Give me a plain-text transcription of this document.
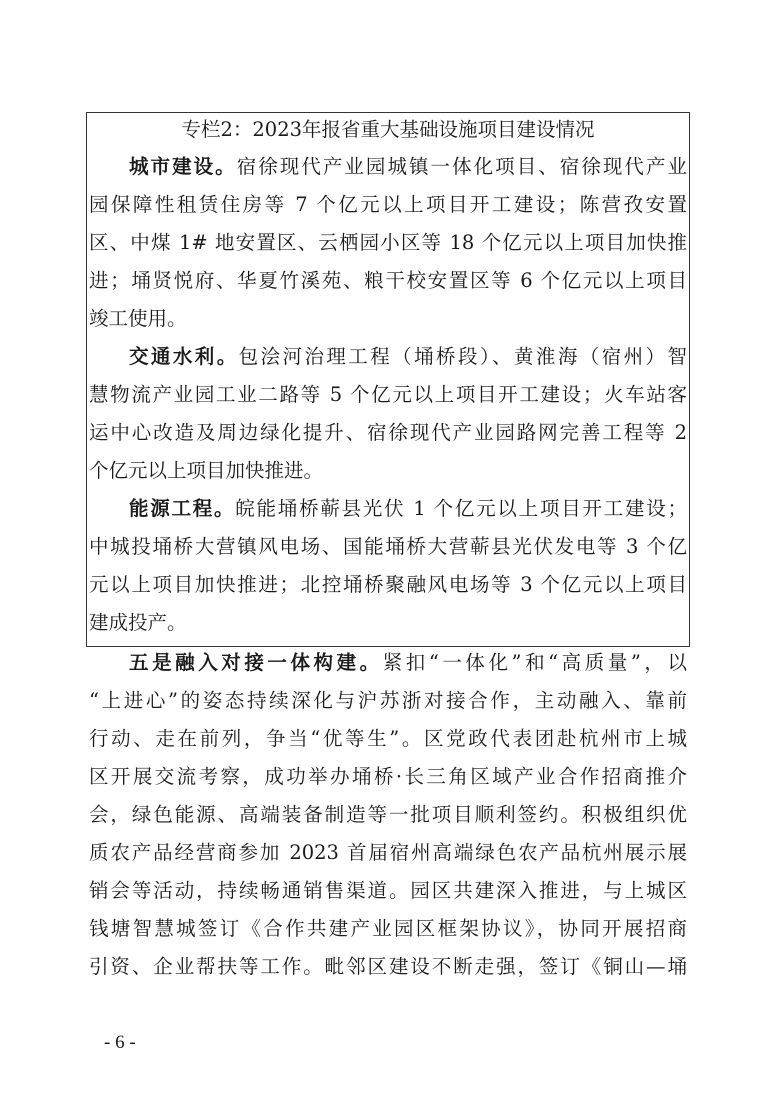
专栏2：2023年报省重大基础设施项目建设情况
城市建设。宿徐现代产业园城镇一体化项目、宿徐现代产业
园保障性租赁住房等 7 个亿元以上项目开工建设；陈营孜安置
区、中煤 1# 地安置区、云栖园小区等 18 个亿元以上项目加快推
进；埇贤悦府、华夏竹溪苑、粮干校安置区等 6 个亿元以上项目
竣工使用。
交通水利。包浍河治理工程（埇桥段）、黄淮海（宿州）智
慧物流产业园工业二路等 5 个亿元以上项目开工建设；火车站客
运中心改造及周边绿化提升、宿徐现代产业园路网完善工程等 2
个亿元以上项目加快推进。
能源工程。皖能埇桥蕲县光伏 1 个亿元以上项目开工建设；
中城投埇桥大营镇风电场、国能埇桥大营蕲县光伏发电等 3 个亿
元以上项目加快推进；北控埇桥聚融风电场等 3 个亿元以上项目
建成投产。
五是融入对接一体构建。紧扣“一体化”和“高质量”，以
“上进心”的姿态持续深化与沪苏浙对接合作，主动融入、靠前
行动、走在前列，争当“优等生”。区党政代表团赴杭州市上城
区开展交流考察，成功举办埇桥·长三角区域产业合作招商推介
会，绿色能源、高端装备制造等一批项目顺利签约。积极组织优
质农产品经营商参加 2023 首届宿州高端绿色农产品杭州展示展
销会等活动，持续畅通销售渠道。园区共建深入推进，与上城区
钱塘智慧城签订《合作共建产业园区框架协议》，协同开展招商
引资、企业帮扶等工作。毗邻区建设不断走强，签订《铜山—埇
- 6 -
